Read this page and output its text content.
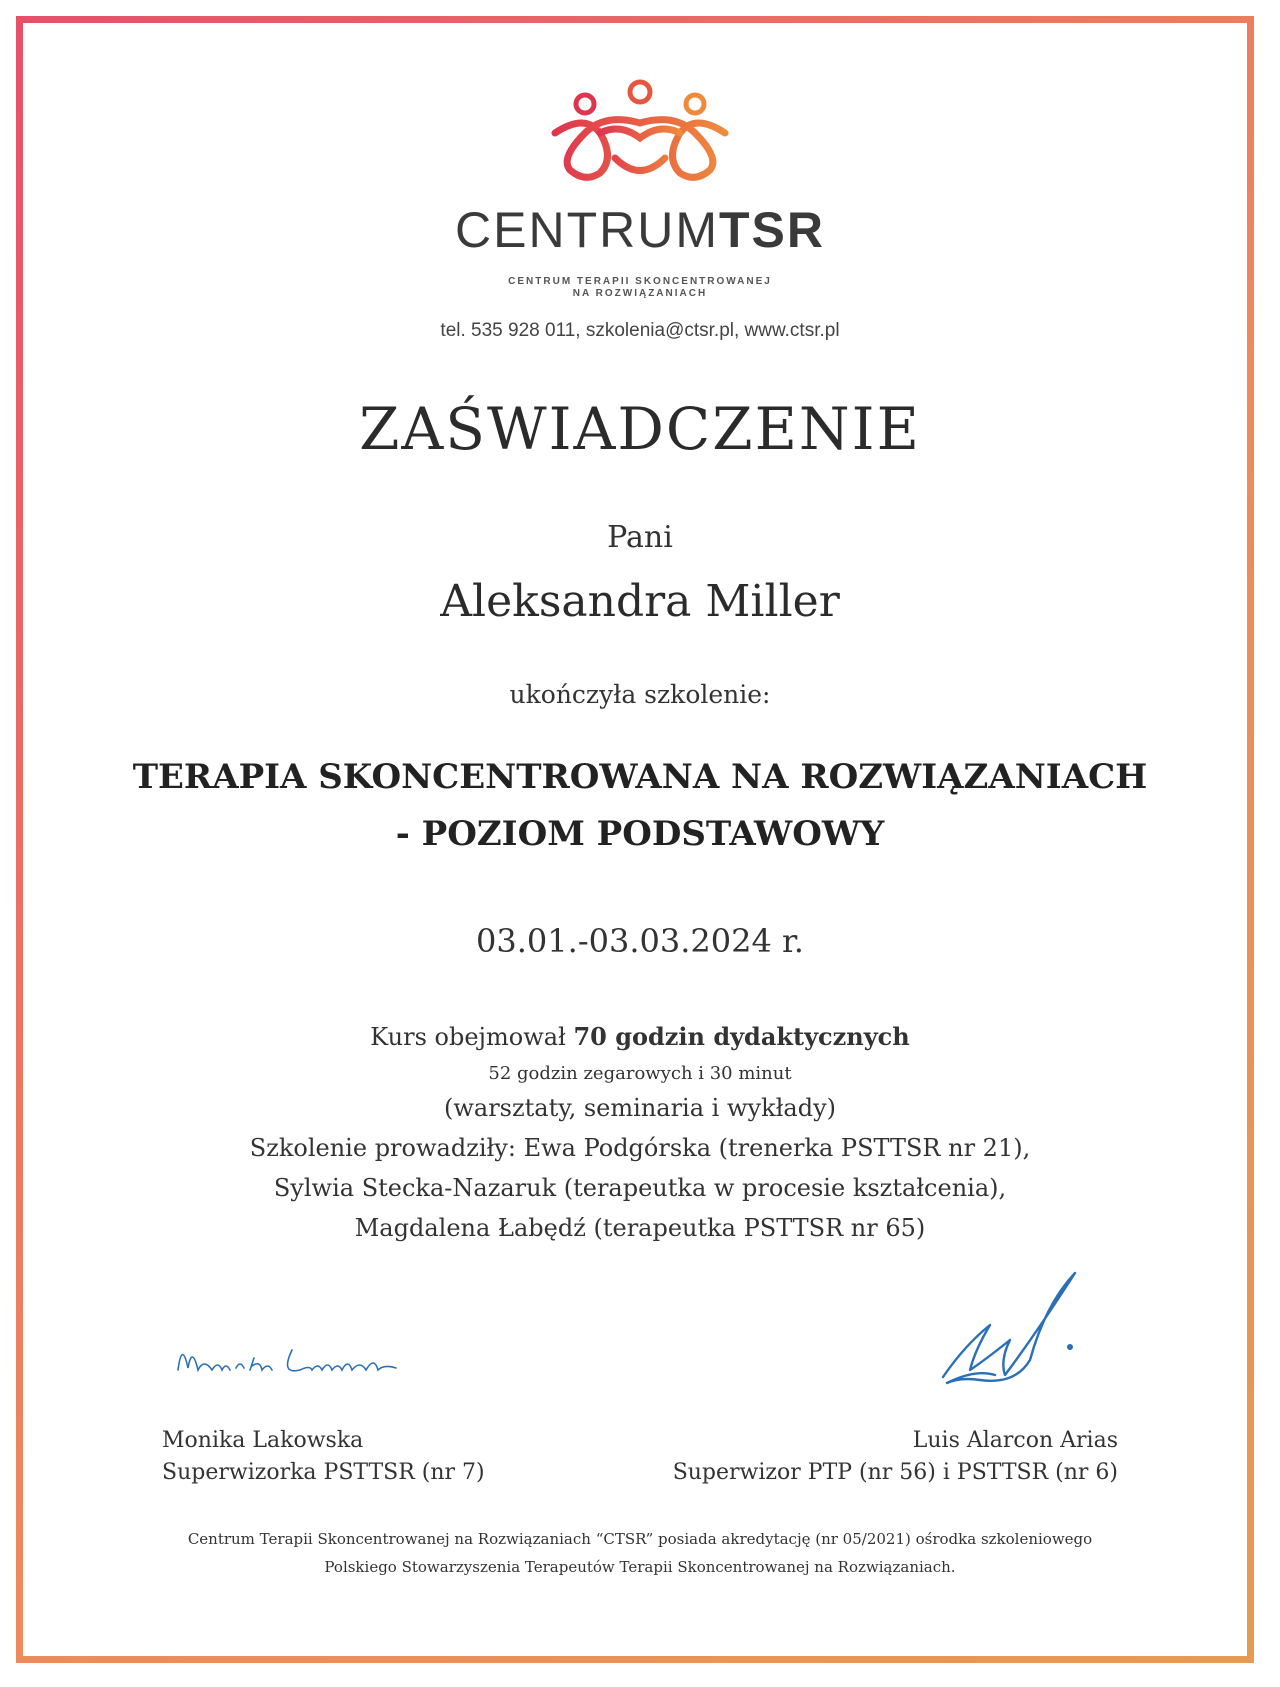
CENTRUMTSR
CENTRUM TERAPII SKONCENTROWANEJ
NA ROZWIĄZANIACH
tel. 535 928 011, szkolenia@ctsr.pl, www.ctsr.pl
ZAŚWIADCZENIE
Pani
Aleksandra Miller
ukończyła szkolenie:
TERAPIA SKONCENTROWANA NA ROZWIĄZANIACH
- POZIOM PODSTAWOWY
03.01.-03.03.2024 r.
Kurs obejmował 70 godzin dydaktycznych
52 godzin zegarowych i 30 minut
(warsztaty, seminaria i wykłady)
Szkolenie prowadziły: Ewa Podgórska (trenerka PSTTSR nr 21),
Sylwia Stecka-Nazaruk (terapeutka w procesie kształcenia),
Magdalena Łabędź (terapeutka PSTTSR nr 65)
Monika Lakowska
Superwizorka PSTTSR (nr 7)
Luis Alarcon Arias
Superwizor PTP (nr 56) i PSTTSR (nr 6)
Centrum Terapii Skoncentrowanej na Rozwiązaniach “CTSR” posiada akredytację (nr 05/2021) ośrodka szkoleniowego
Polskiego Stowarzyszenia Terapeutów Terapii Skoncentrowanej na Rozwiązaniach.
